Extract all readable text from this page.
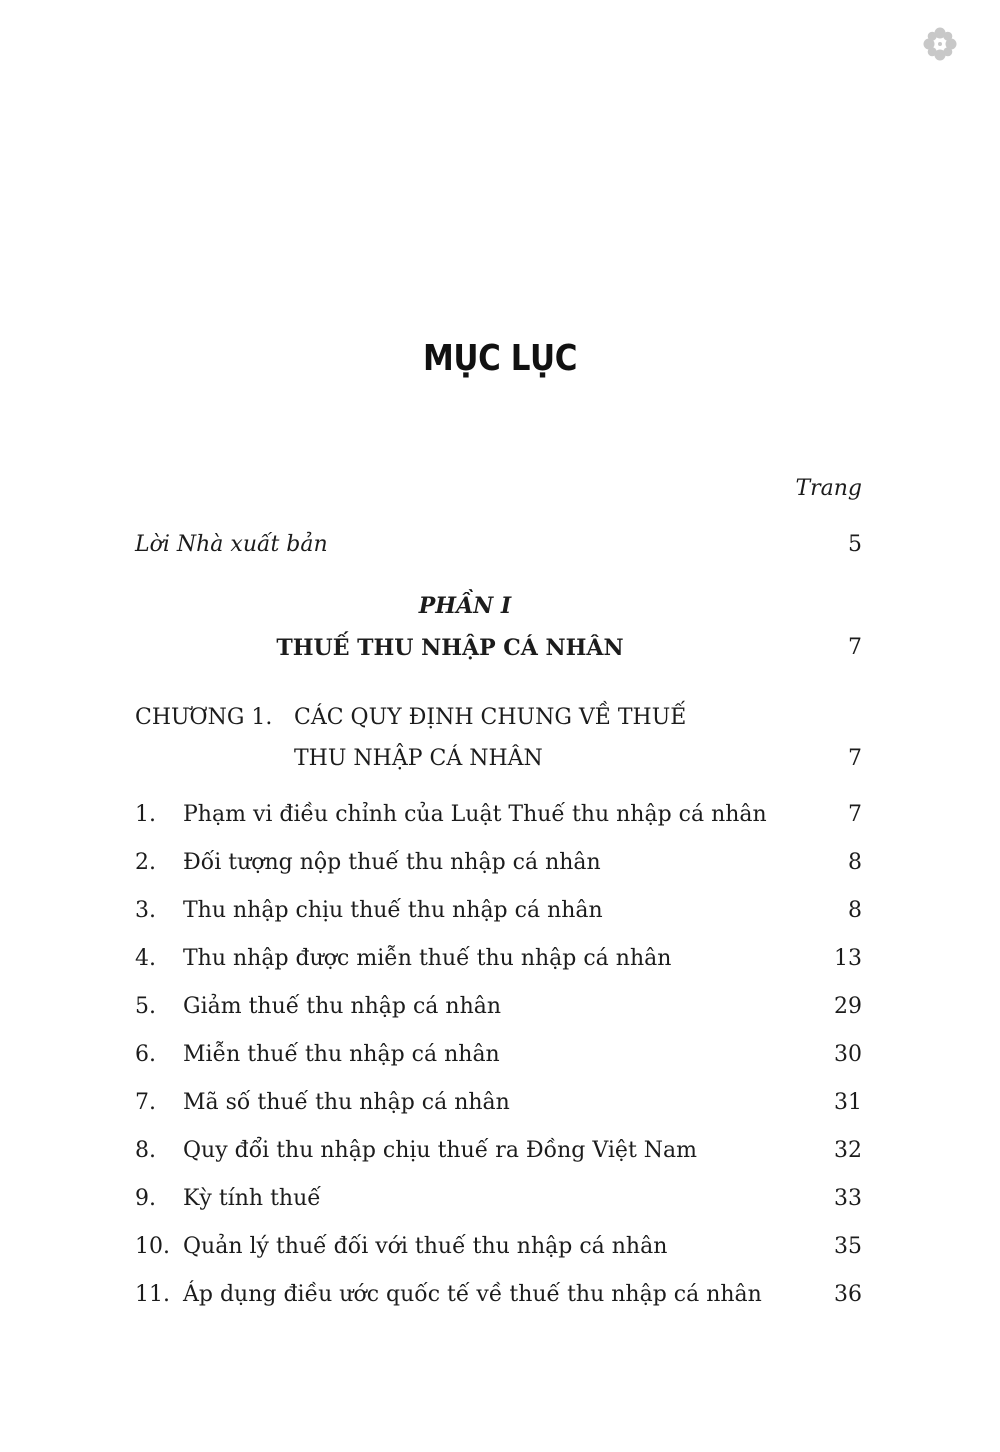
MỤC LỤC
Trang
Lời Nhà xuất bản	5
PHẦN I
THUẾ THU NHẬP CÁ NHÂN	7
CHƯƠNG 1. CÁC QUY ĐỊNH CHUNG VỀ THUẾ
THU NHẬP CÁ NHÂN	7
1. Phạm vi điều chỉnh của Luật Thuế thu nhập cá nhân	7
2. Đối tượng nộp thuế thu nhập cá nhân	8
3. Thu nhập chịu thuế thu nhập cá nhân	8
4. Thu nhập được miễn thuế thu nhập cá nhân	13
5. Giảm thuế thu nhập cá nhân	29
6. Miễn thuế thu nhập cá nhân	30
7. Mã số thuế thu nhập cá nhân	31
8. Quy đổi thu nhập chịu thuế ra Đồng Việt Nam	32
9. Kỳ tính thuế	33
10. Quản lý thuế đối với thuế thu nhập cá nhân	35
11. Áp dụng điều ước quốc tế về thuế thu nhập cá nhân	36
